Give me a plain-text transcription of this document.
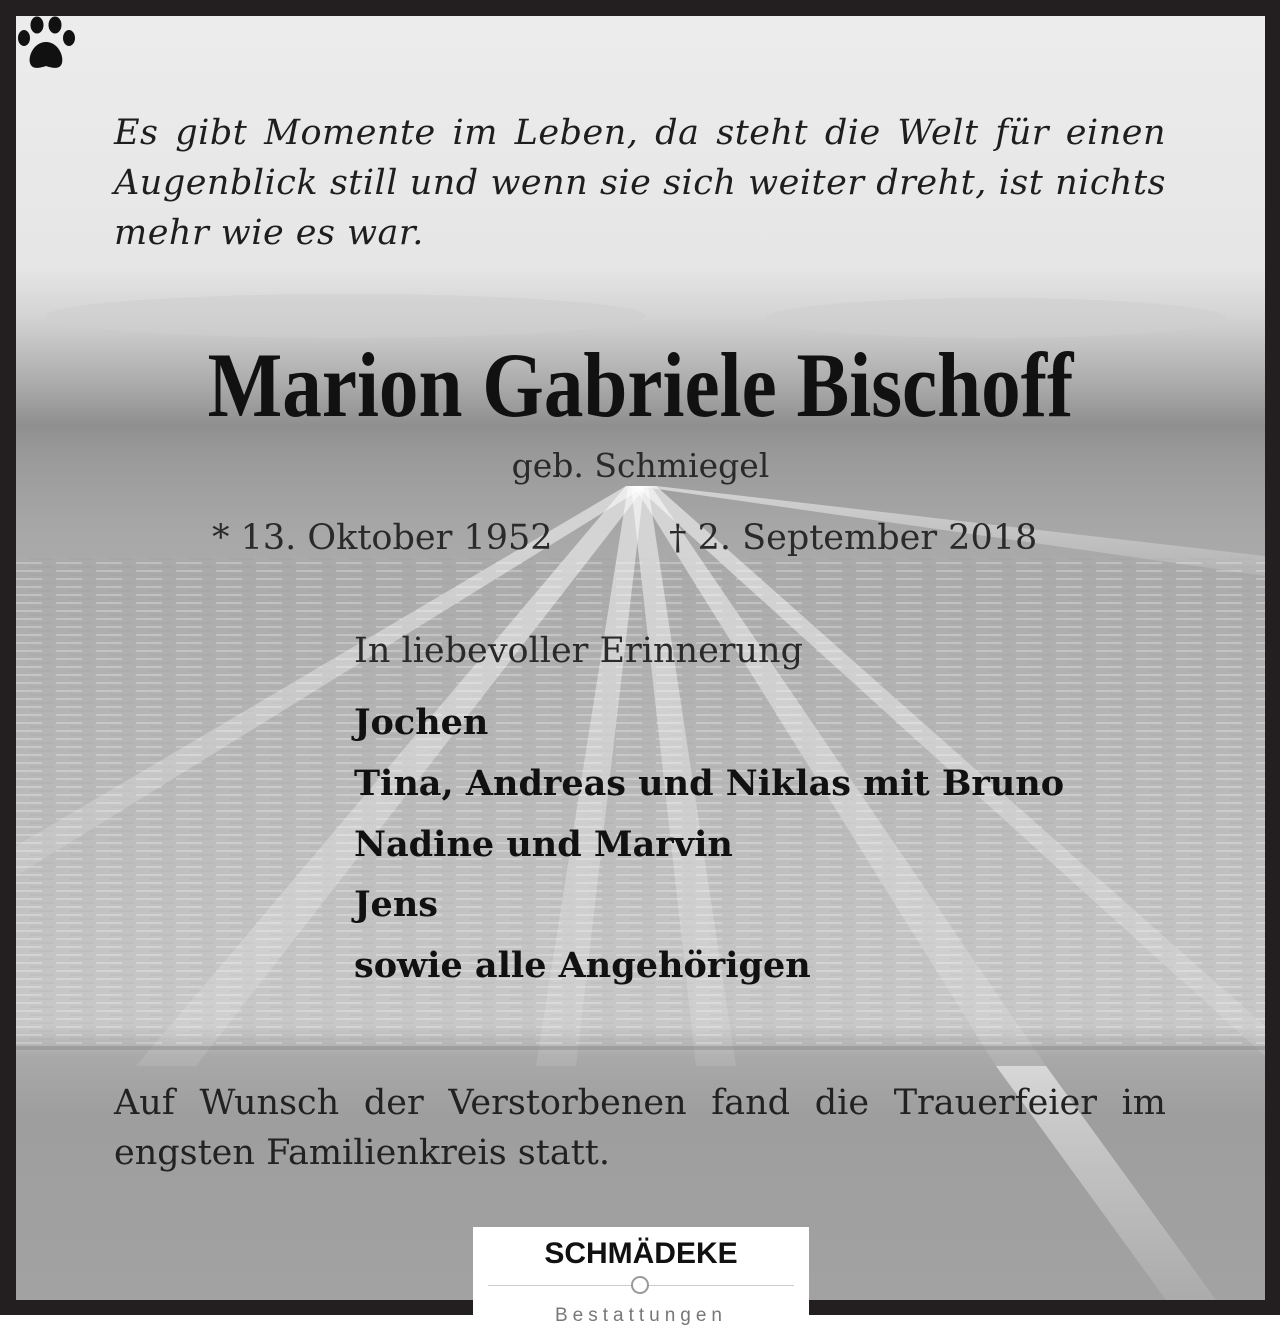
Es gibt Momente im Leben, da steht die Welt für einen Augenblick still und wenn sie sich weiter dreht, ist nichts mehr wie es war.
Marion Gabriele Bischoff
geb. Schmiegel
* 13. Oktober 1952	† 2. September 2018
In liebevoller Erinnerung
Jochen
Tina, Andreas und Niklas mit Bruno
Nadine und Marvin
Jens
sowie alle Angehörigen
Auf Wunsch der Verstorbenen fand die Trauerfeier im engsten Familienkreis statt.
SCHMÄDEKE
Bestattungen
